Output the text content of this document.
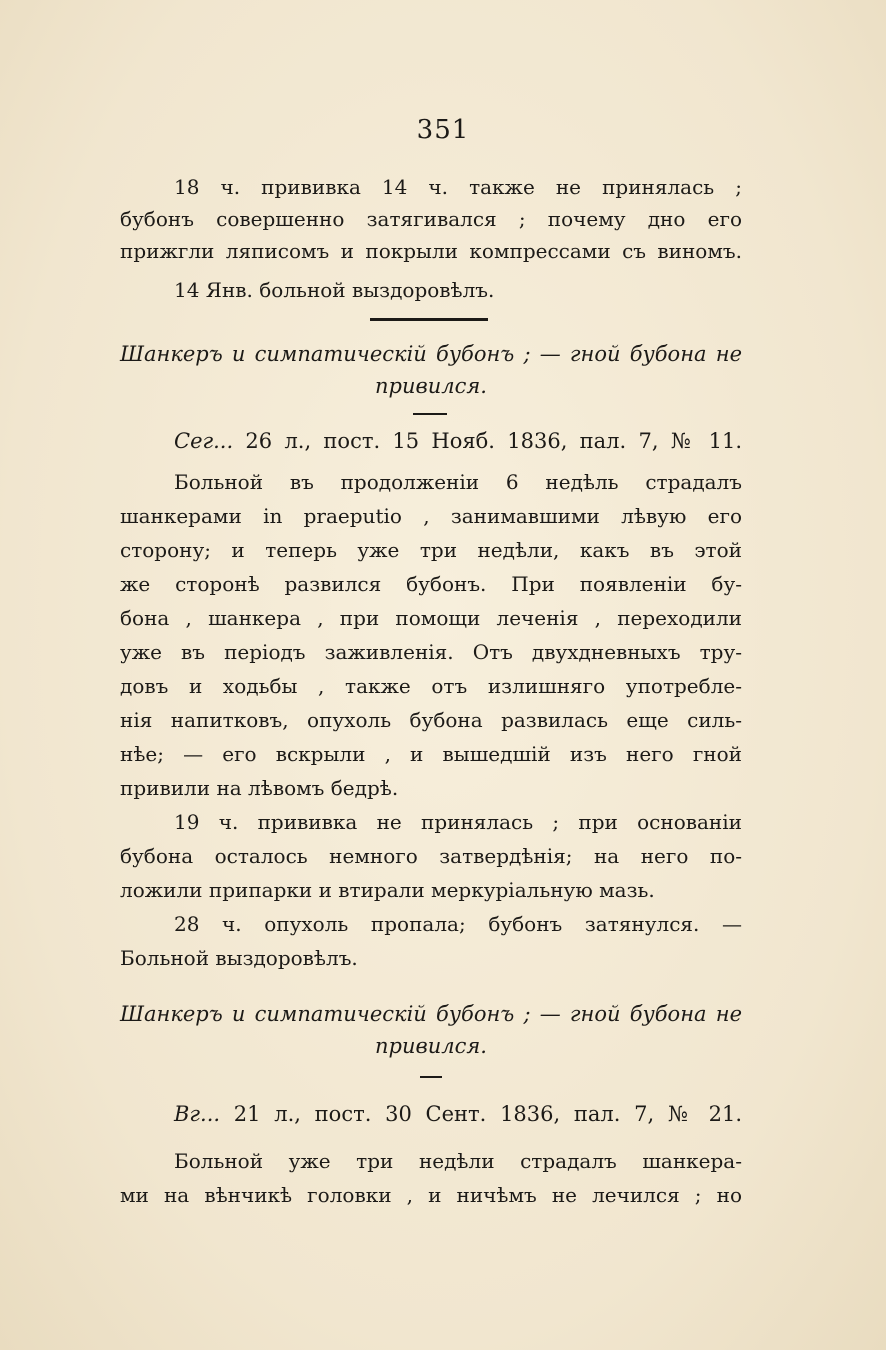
351
18 ч. прививка 14 ч. также не принялась ;
бубонъ совершенно затягивался ; почему дно его
прижгли ляписомъ и покрыли компрессами съ виномъ.
14 Янв. больной выздоровѣлъ.
Шанкеръ и симпатическій бубонъ ; — гной бубона не
привился.
Сег... 26 л., пост. 15 Нояб. 1836, пал. 7, № 11.
Больной въ продолженіи 6 недѣль страдалъ
шанкерами in praeputio , занимавшими лѣвую его
сторону; и теперь уже три недѣли, какъ въ этой
же сторонѣ развился бубонъ. При появленіи бу-
бона , шанкера , при помощи леченія , переходили
уже въ періодъ заживленія. Отъ двухдневныхъ тру-
довъ и ходьбы , также отъ излишняго употребле-
нія напитковъ, опухоль бубона развилась еще силь-
нѣе; — его вскрыли , и вышедшій изъ него гной
привили на лѣвомъ бедрѣ.
19 ч. прививка не принялась ; при основаніи
бубона осталось немного затвердѣнія; на него по-
ложили припарки и втирали меркуріальную мазь.
28 ч. опухоль пропала; бубонъ затянулся. —
Больной выздоровѣлъ.
Шанкеръ и симпатическій бубонъ ; — гной бубона не
привился.
Вг... 21 л., пост. 30 Сент. 1836, пал. 7, № 21.
Больной уже три недѣли страдалъ шанкера-
ми на вѣнчикѣ головки , и ничѣмъ не лечился ; но
